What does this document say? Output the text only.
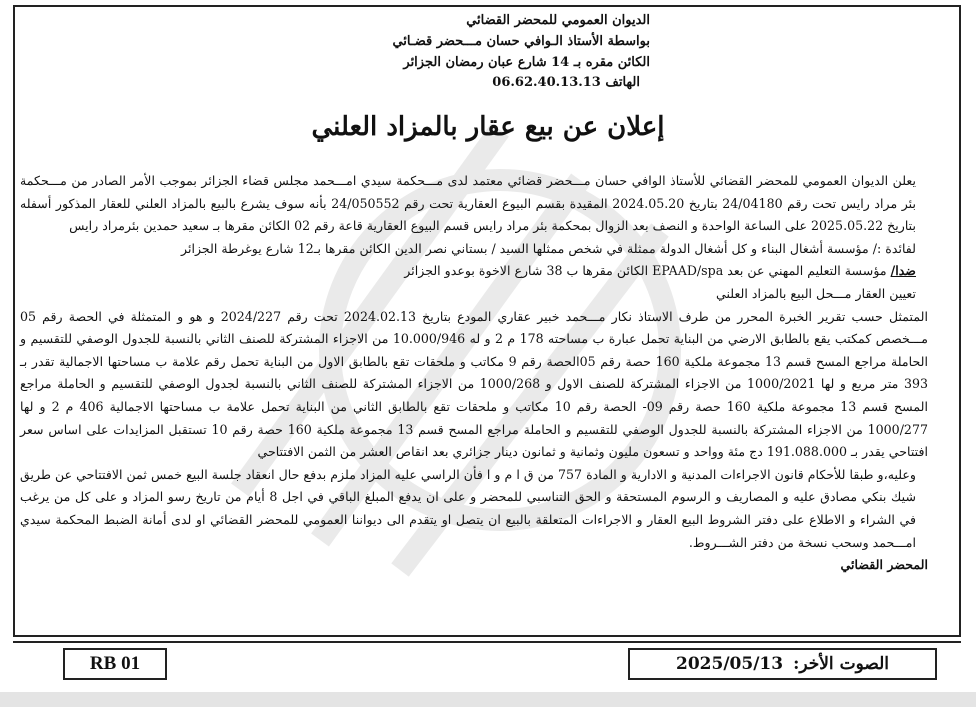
الديوان العمومي للمحضر القضائي
بواسطة الأستاذ الـوافي حسان مـــحضر قضـائي
الكائن مقره بـ 14 شارع عبان رمضان الجزائر
الهاتف 06.62.40.13.13
إعلان عن بيع عقار بالمزاد العلني

يعلن الديوان العمومي للمحضر القضائي للأستاذ الوافي حسان مـــحضر قضائي معتمد لدى مـــحكمة سيدي امـــحمد مجلس قضاء الجزائر بموجب الأمر الصادر من مـــحكمة بئر مراد رايس تحت رقم 24/04180 بتاريخ 2024.05.20 المقيدة بقسم البيوع العقارية تحت رقم 24/050552 بأنه سوف يشرع بالبيع بالمزاد العلني للعقار المذكور أسفله بتاريخ 2025.05.22 على الساعة الواحدة و النصف بعد الزوال بمحكمة بئر مراد رايس قسم البيوع العقارية قاعة رقم 02 الكائن مقرها بـ سعيد حمدين بئرمراد رايس

لفائدة :/ مؤسسة أشغال البناء و كل أشغال الدولة ممثلة في شخص ممثلها السيد / بستاني نصر الدين الكائن مقرها بـ12 شارع يوغرطة الجزائر

ضدا/ مؤسسة التعليم المهني عن بعد EPAAD/spa الكائن مقرها ب 38 شارع الاخوة بوعدو الجزائر

تعيين العقار مـــحل البيع بالمزاد العلني

المتمثل حسب تقرير الخبرة المحرر من طرف الاستاذ نكار مـــحمد خبير عقاري المودع بتاريخ 2024.02.13 تحت رقم 2024/227 و هو و المتمثلة في الحصة رقم 05 مـــخصص كمكتب يقع بالطابق الارضي من البناية تحمل عبارة ب مساحته 178 م 2 و له 10.000/946 من الاجزاء المشتركة للصنف الثاني بالنسبة للجدول الوصفي للتقسيم و الحاملة مراجع المسح قسم 13 مجموعة ملكية 160 حصة رقم 05الحصة رقم 9 مكاتب و ملحقات تقع بالطابق الاول من البناية تحمل رقم علامة ب مساحتها الاجمالية تقدر بـ 393 متر مربع و لها 1000/2021 من الاجزاء المشتركة للصنف الاول و 1000/268 من الاجزاء المشتركة للصنف الثاني بالنسبة لجدول الوصفي للتقسيم و الحاملة مراجع المسح قسم 13 مجموعة ملكية 160 حصة رقم 09- الحصة رقم 10 مكاتب و ملحقات تقع بالطابق الثاني من البناية تحمل علامة ب مساحتها الاجمالية 406 م 2 و لها 1000/277 من الاجزاء المشتركة بالنسبة للجدول الوصفي للتقسيم و الحاملة مراجع المسح قسم 13 مجموعة ملكية 160 حصة رقم 10 تستقبل المزايدات على اساس سعر افتتاحي يقدر بـ 191.088.000 دج مئة وواحد و تسعون مليون وثمانية و ثمانون دينار جزائري بعد انقاص العشر من الثمن الافتتاحي

وعليه،و طبقا للأحكام قانون الاجراءات المدنية و الادارية و المادة 757 من ق ا م و ا فأن الراسي عليه المزاد ملزم بدفع حال انعقاد جلسة البيع خمس ثمن الافتتاحي عن طريق شيك بنكي مصادق عليه و المصاريف و الرسوم المستحقة و الحق التناسبي للمحضر و على ان يدفع المبلغ الباقي في اجل 8 أيام من تاريخ رسو المزاد و على كل من يرغب في الشراء و الاطلاع على دفتر الشروط البيع العقار و الاجراءات المتعلقة بالبيع ان يتصل او يتقدم الى ديواننا العمومي للمحضر القضائي او لدى أمانة الضبط المحكمة سيدي امـــحمد وسحب نسخة من دفتر الشـــروط.

المحضر القضائي
RB 01	الصوت الأخر:
2025/05/13
